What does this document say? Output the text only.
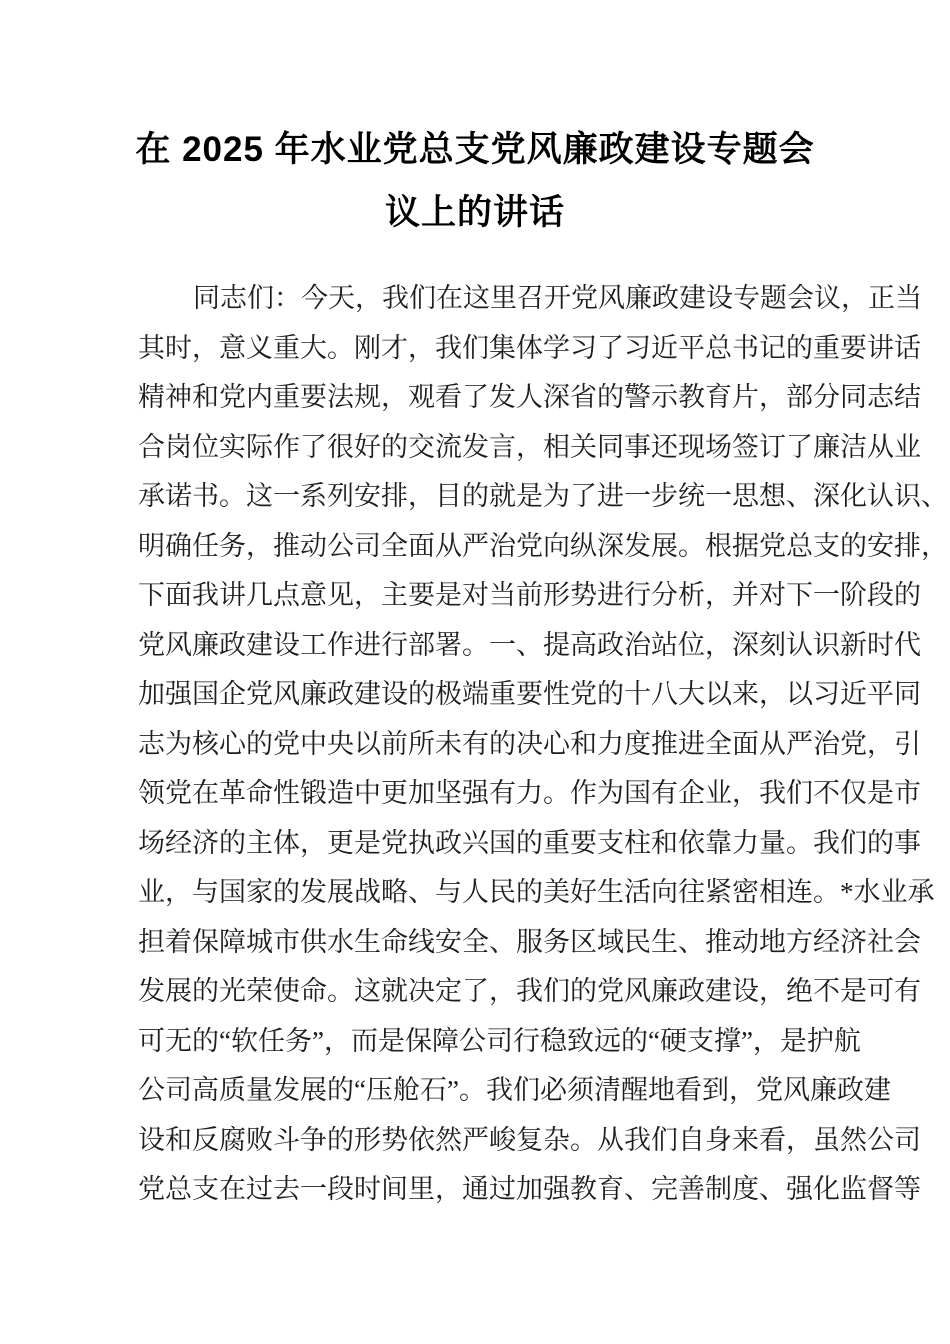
在 2025 年水业党总支党风廉政建设专题会
议上的讲话
同志们：今天，我们在这里召开党风廉政建设专题会议，正当
其时，意义重大。刚才，我们集体学习了习近平总书记的重要讲话
精神和党内重要法规，观看了发人深省的警示教育片，部分同志结
合岗位实际作了很好的交流发言，相关同事还现场签订了廉洁从业
承诺书。这一系列安排，目的就是为了进一步统一思想、深化认识、
明确任务，推动公司全面从严治党向纵深发展。根据党总支的安排，
下面我讲几点意见，主要是对当前形势进行分析，并对下一阶段的
党风廉政建设工作进行部署。一、提高政治站位，深刻认识新时代
加强国企党风廉政建设的极端重要性党的十八大以来，以习近平同
志为核心的党中央以前所未有的决心和力度推进全面从严治党，引
领党在革命性锻造中更加坚强有力。作为国有企业，我们不仅是市
场经济的主体，更是党执政兴国的重要支柱和依靠力量。我们的事
业，与国家的发展战略、与人民的美好生活向往紧密相连。*水业承
担着保障城市供水生命线安全、服务区域民生、推动地方经济社会
发展的光荣使命。这就决定了，我们的党风廉政建设，绝不是可有
可无的“软任务”，而是保障公司行稳致远的“硬支撑”，是护航
公司高质量发展的“压舱石”。我们必须清醒地看到，党风廉政建
设和反腐败斗争的形势依然严峻复杂。从我们自身来看，虽然公司
党总支在过去一段时间里，通过加强教育、完善制度、强化监督等
